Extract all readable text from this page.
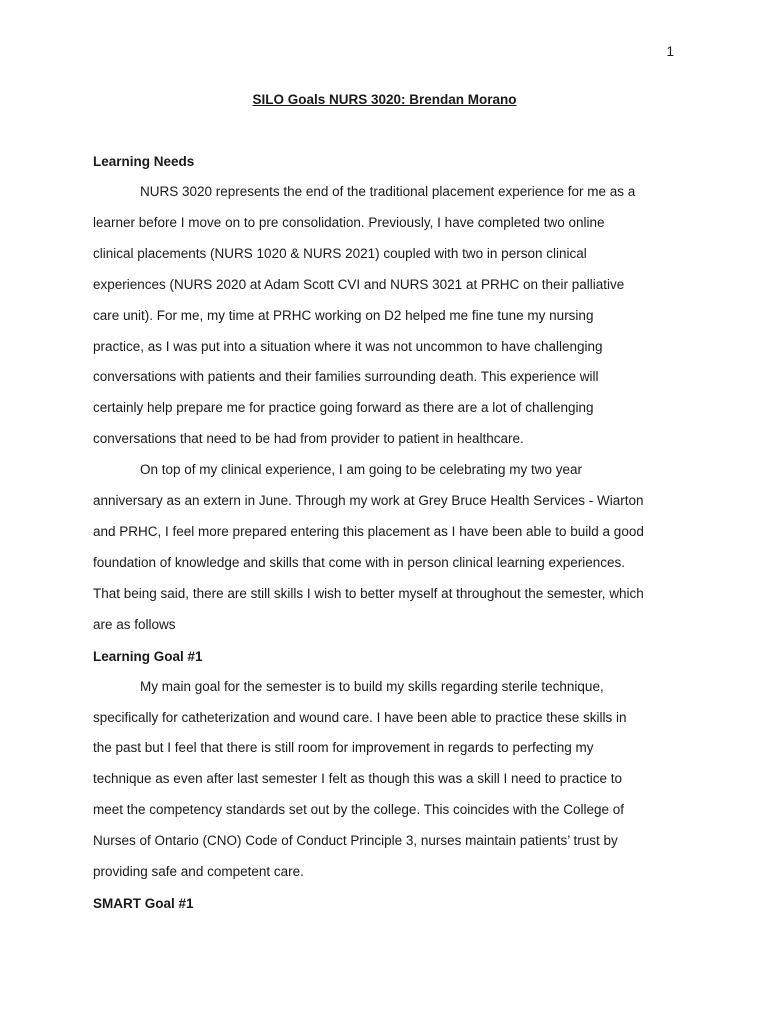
1
SILO Goals NURS 3020: Brendan Morano
Learning Needs

NURS 3020 represents the end of the traditional placement experience for me as a
learner before I move on to pre consolidation. Previously, I have completed two online
clinical placements (NURS 1020 & NURS 2021) coupled with two in person clinical
experiences (NURS 2020 at Adam Scott CVI and NURS 3021 at PRHC on their palliative
care unit). For me, my time at PRHC working on D2 helped me fine tune my nursing
practice, as I was put into a situation where it was not uncommon to have challenging
conversations with patients and their families surrounding death. This experience will
certainly help prepare me for practice going forward as there are a lot of challenging
conversations that need to be had from provider to patient in healthcare.

On top of my clinical experience, I am going to be celebrating my two year
anniversary as an extern in June. Through my work at Grey Bruce Health Services - Wiarton
and PRHC, I feel more prepared entering this placement as I have been able to build a good
foundation of knowledge and skills that come with in person clinical learning experiences.
That being said, there are still skills I wish to better myself at throughout the semester, which
are as follows

Learning Goal #1

My main goal for the semester is to build my skills regarding sterile technique,
specifically for catheterization and wound care. I have been able to practice these skills in
the past but I feel that there is still room for improvement in regards to perfecting my
technique as even after last semester I felt as though this was a skill I need to practice to
meet the competency standards set out by the college. This coincides with the College of
Nurses of Ontario (CNO) Code of Conduct Principle 3, nurses maintain patients’ trust by
providing safe and competent care.

SMART Goal #1
